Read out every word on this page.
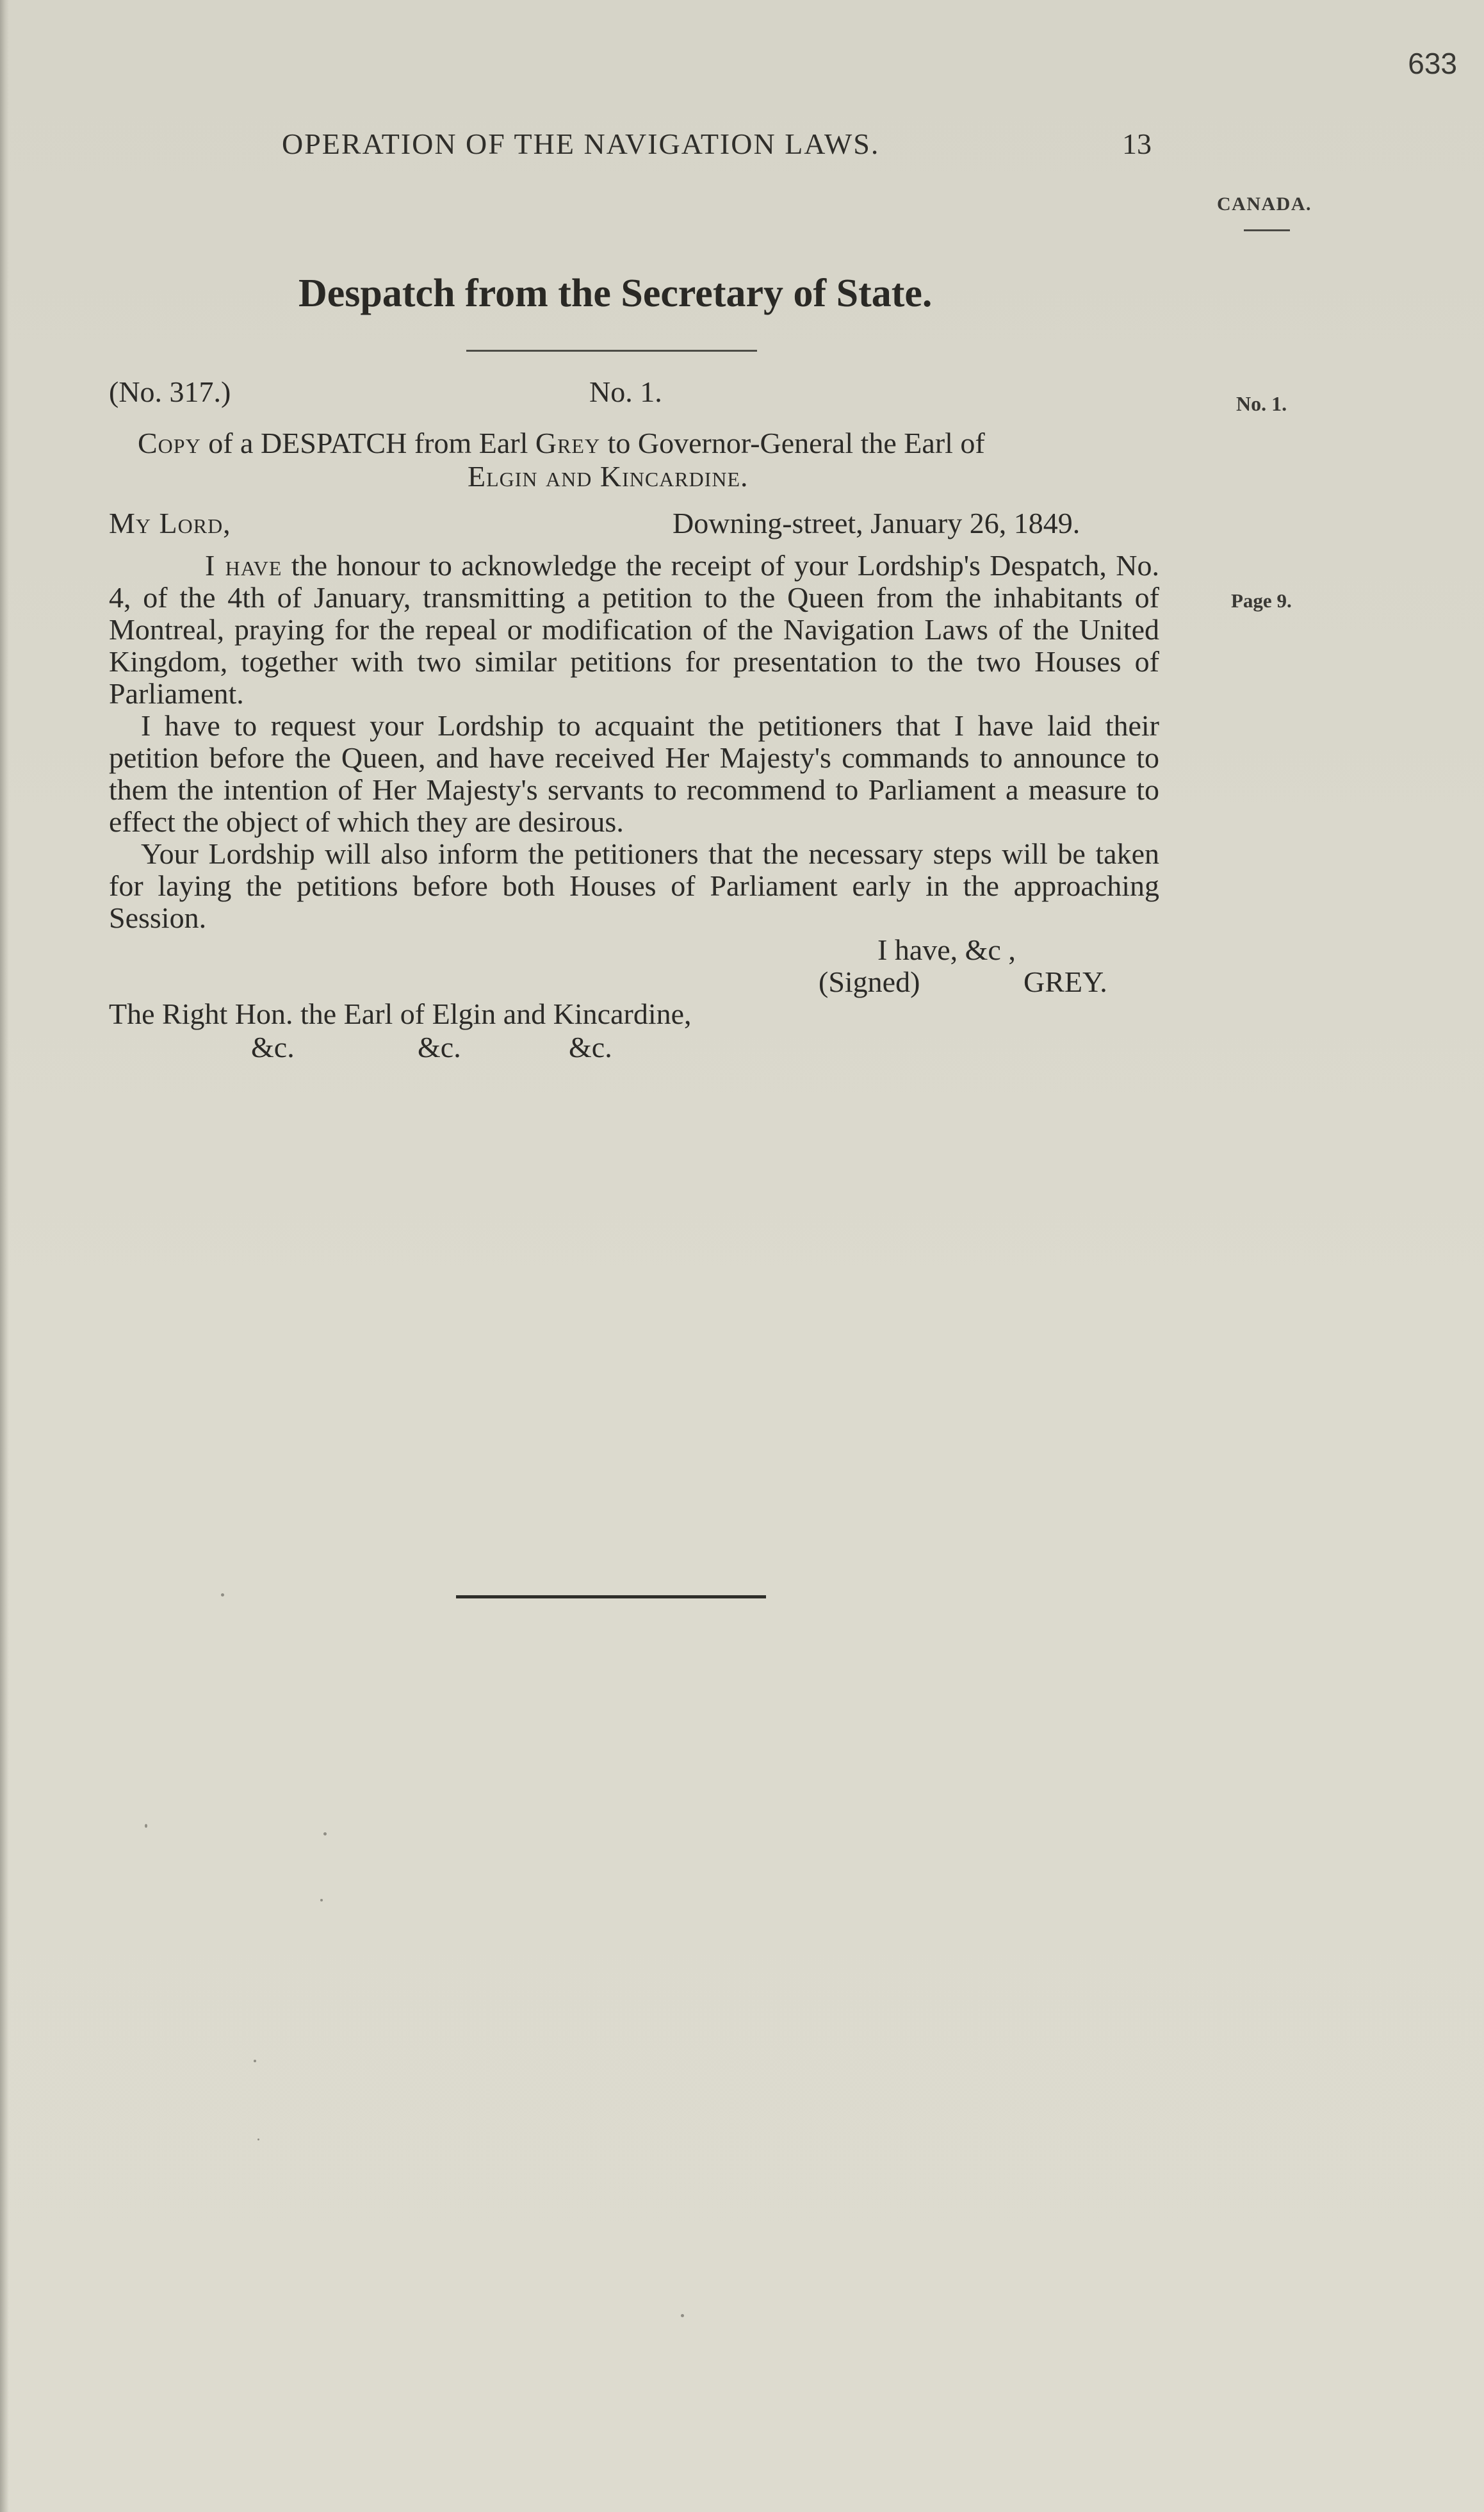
633
OPERATION OF THE NAVIGATION LAWS.	13
CANADA.
Despatch from the Secretary of State.
(No. 317.)	No. 1.	No. 1.
Copy of a DESPATCH from Earl Grey to Governor-General the Earl of
Elgin and Kincardine.
My Lord,	Downing-street, January 26, 1849.
I have the honour to acknowledge the receipt of your Lordship's Despatch, No. 4, of the 4th of January, transmitting a petition to the Queen from the inhabitants of Montreal, praying for the repeal or modification of the Navigation Laws of the United Kingdom, together with two similar petitions for presentation to the two Houses of Parliament.
Page 9.
I have to request your Lordship to acquaint the petitioners that I have laid their petition before the Queen, and have received Her Majesty's commands to announce to them the intention of Her Majesty's servants to recommend to Parliament a measure to effect the object of which they are desirous.
Your Lordship will also inform the petitioners that the necessary steps will be taken for laying the petitions before both Houses of Parliament early in the approaching Session.
I have, &c ,
(Signed)	GREY.
The Right Hon. the Earl of Elgin and Kincardine,
&c.	&c.	&c.
